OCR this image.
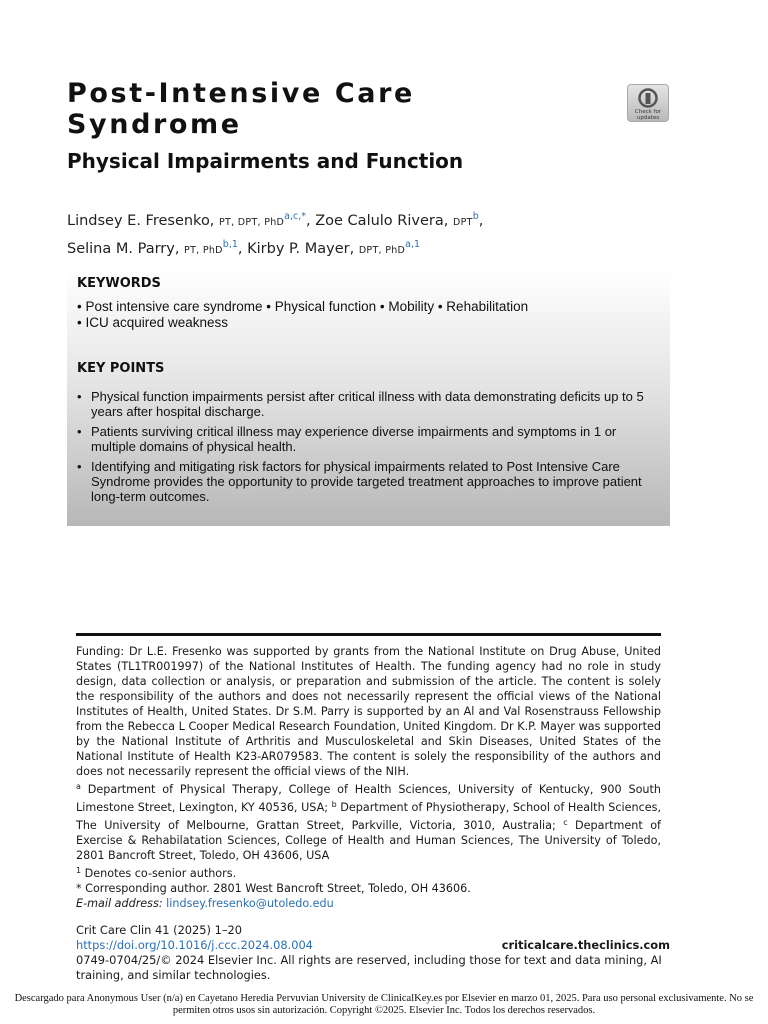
Post-Intensive Care Syndrome
Physical Impairments and Function
Check for
updates
Lindsey E. Fresenko, PT, DPT, PhD$^{a,c,*}$, Zoe Calulo Rivera, DPT$^b$,
Selina M. Parry, PT, PhD$^{b,1}$, Kirby P. Mayer, DPT, PhD$^{a,1}$

KEYWORDS

• Post intensive care syndrome • Physical function • Mobility • Rehabilitation

• ICU acquired weakness

KEY POINTS

• Physical function impairments persist after critical illness with data demonstrating deficits up to 5 years after hospital discharge.
• Patients surviving critical illness may experience diverse impairments and symptoms in 1 or multiple domains of physical health.
• Identifying and mitigating risk factors for physical impairments related to Post Intensive Care Syndrome provides the opportunity to provide targeted treatment approaches to improve patient long-term outcomes.

Funding: Dr L.E. Fresenko was supported by grants from the National Institute on Drug Abuse, United States (TL1TR001997) of the National Institutes of Health. The funding agency had no role in study design, data collection or analysis, or preparation and submission of the article. The content is solely the responsibility of the authors and does not necessarily represent the official views of the National Institutes of Health, United States. Dr S.M. Parry is supported by an Al and Val Rosenstrauss Fellowship from the Rebecca L Cooper Medical Research Foundation, United Kingdom. Dr K.P. Mayer was supported by the National Institute of Arthritis and Musculoskeletal and Skin Diseases, United States of the National Institute of Health K23-AR079583. The content is solely the responsibility of the authors and does not necessarily represent the official views of the NIH.

$^a$ Department of Physical Therapy, College of Health Sciences, University of Kentucky, 900 South Limestone Street, Lexington, KY 40536, USA; $^b$ Department of Physiotherapy, School of Health Sciences, The University of Melbourne, Grattan Street, Parkville, Victoria, 3010, Australia; $^c$ Department of Exercise & Rehabilatation Sciences, College of Health and Human Sciences, The University of Toledo, 2801 Bancroft Street, Toledo, OH 43606, USA

$^1$ Denotes co-senior authors.

* Corresponding author. 2801 West Bancroft Street, Toledo, OH 43606.

E-mail address: lindsey.fresenko@utoledo.edu

Crit Care Clin 41 (2025) 1–20

https://doi.org/10.1016/j.ccc.2024.08.004	criticalcare.theclinics.com

0749-0704/25/© 2024 Elsevier Inc. All rights are reserved, including those for text and data mining, AI training, and similar technologies.

Descargado para Anonymous User (n/a) en Cayetano Heredia Pervuvian University de ClinicalKey.es por Elsevier en marzo 01, 2025. Para uso personal exclusivamente. No se permiten otros usos sin autorización. Copyright ©2025. Elsevier Inc. Todos los derechos reservados.
